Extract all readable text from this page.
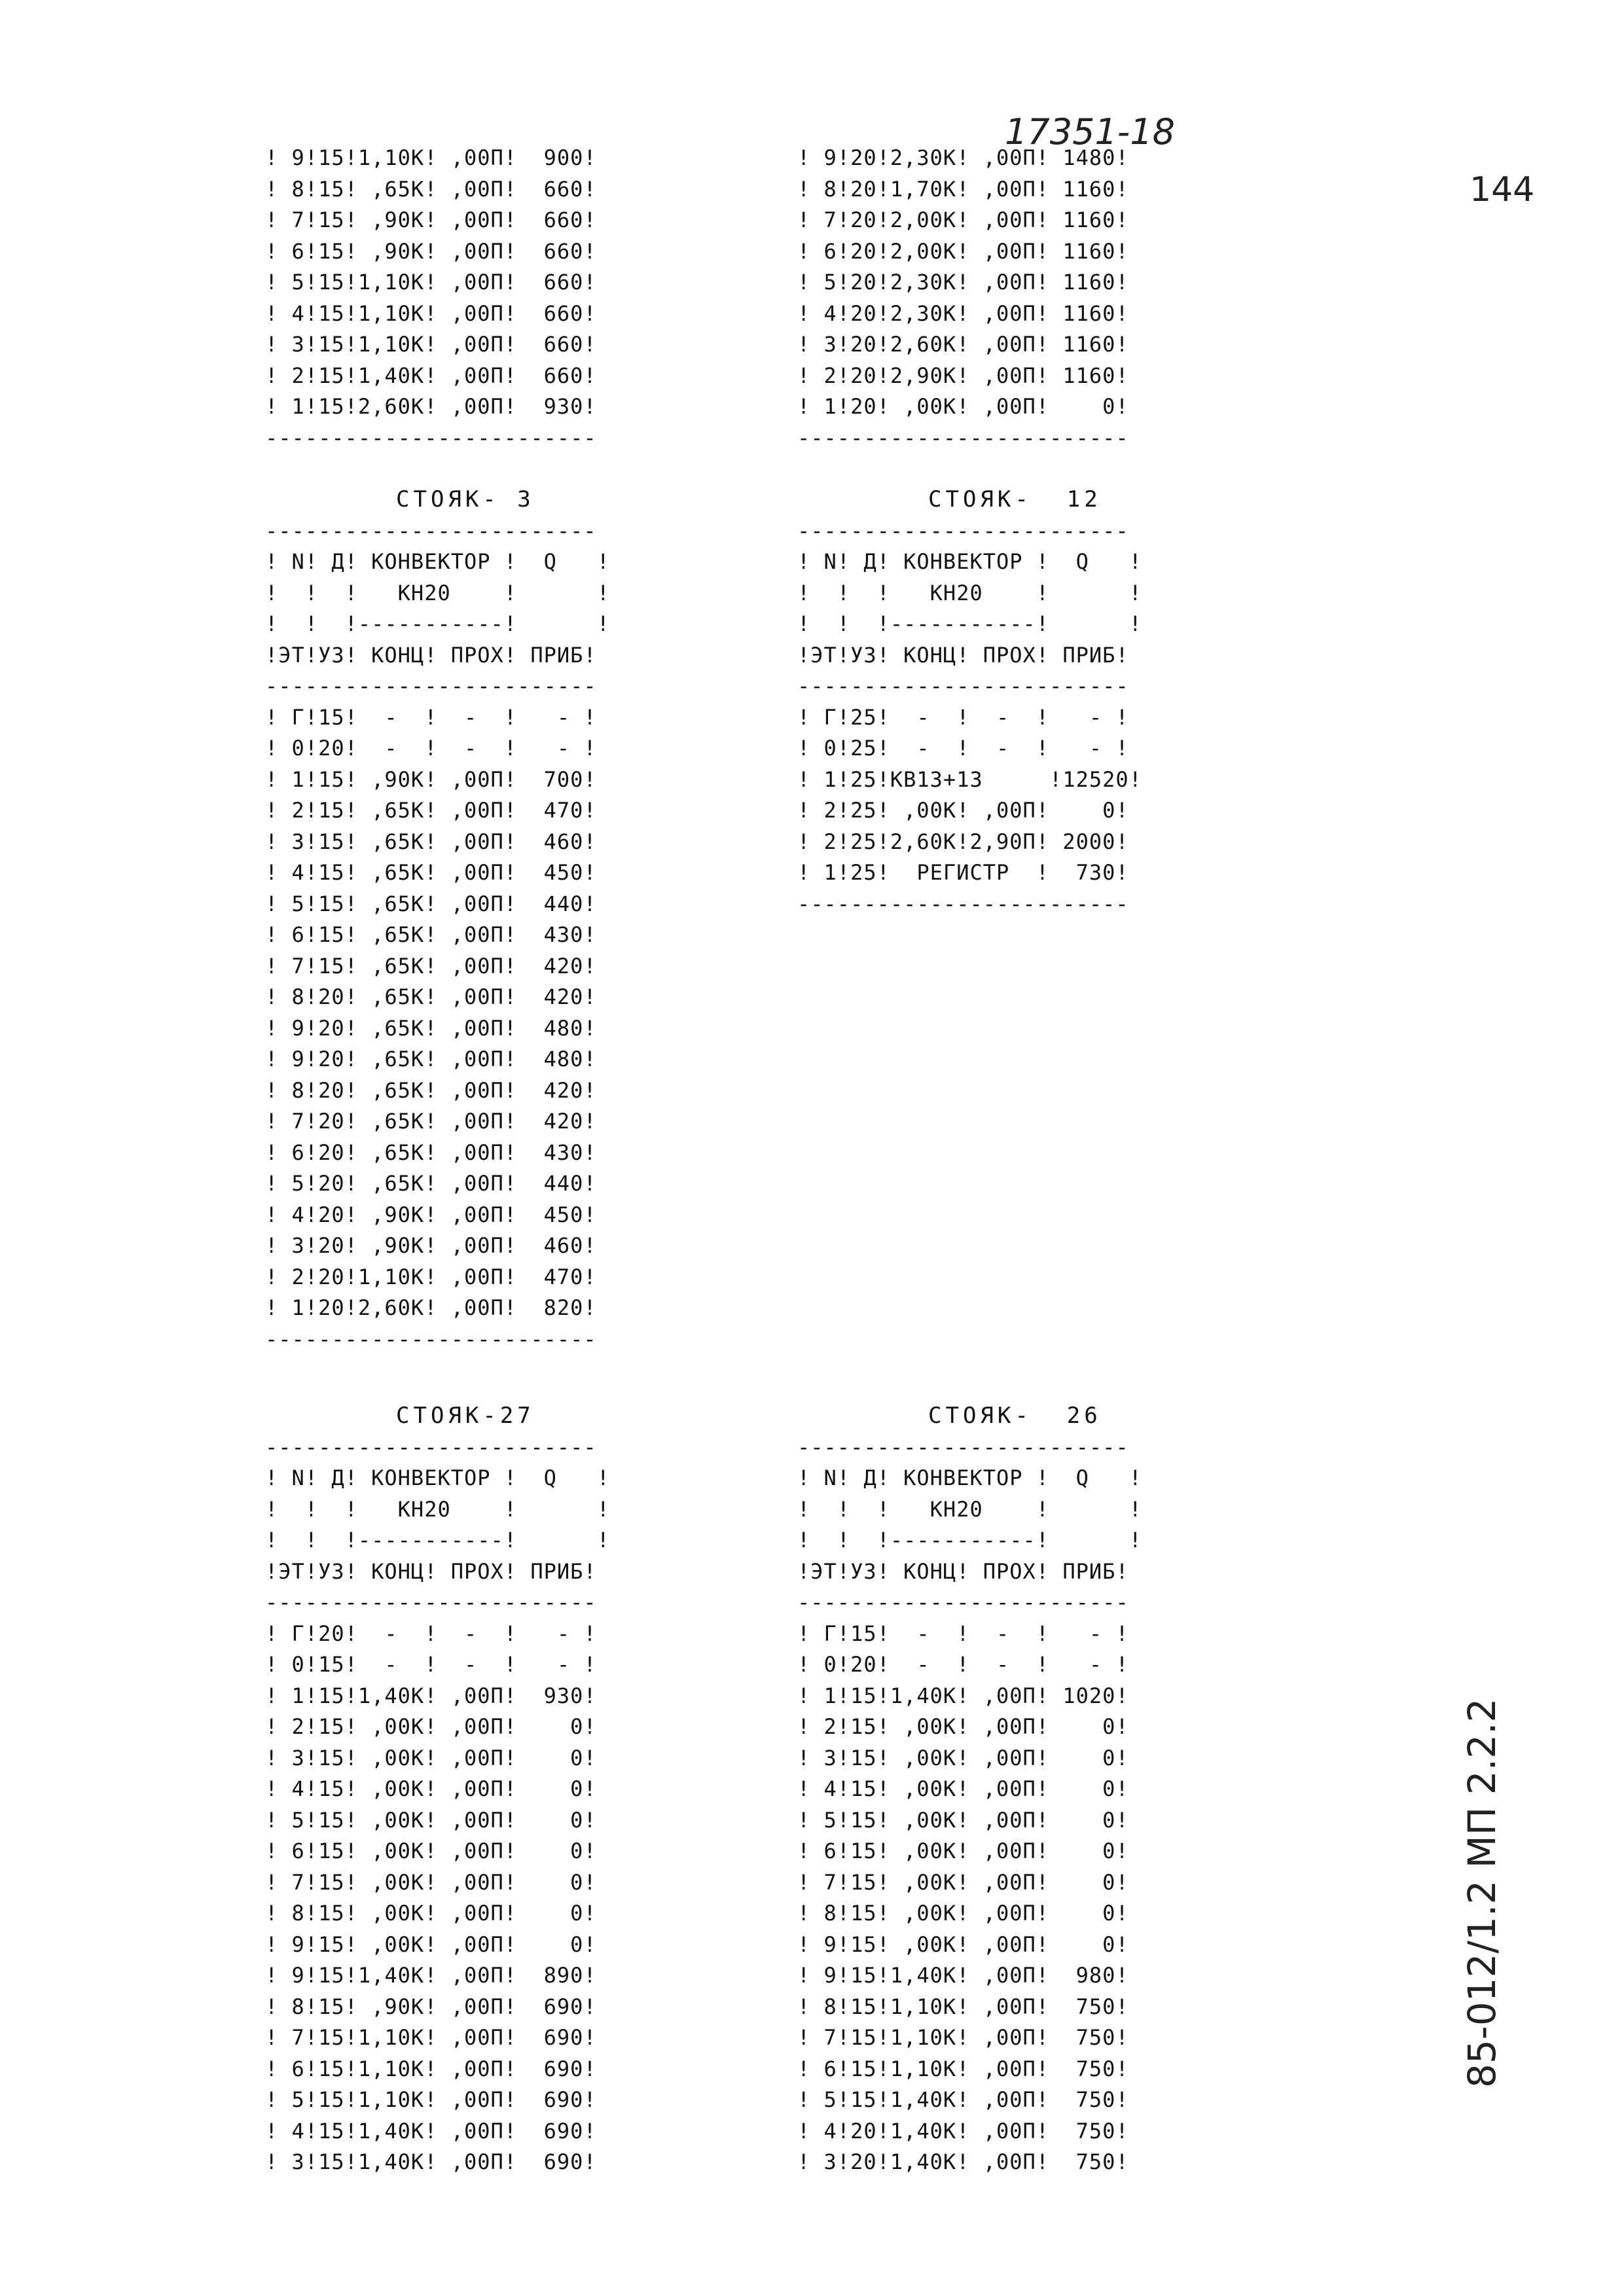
17351-18
144
85-012/1.2 МП 2.2.2
! 9!15!1,10K! ,00П!  900!
! 8!15! ,65K! ,00П!  660!
! 7!15! ,90K! ,00П!  660!
! 6!15! ,90K! ,00П!  660!
! 5!15!1,10K! ,00П!  660!
! 4!15!1,10K! ,00П!  660!
! 3!15!1,10K! ,00П!  660!
! 2!15!1,40K! ,00П!  660!
! 1!15!2,60K! ,00П!  930!
-------------------------
! 9!20!2,30K! ,00П! 1480!
! 8!20!1,70K! ,00П! 1160!
! 7!20!2,00K! ,00П! 1160!
! 6!20!2,00K! ,00П! 1160!
! 5!20!2,30K! ,00П! 1160!
! 4!20!2,30K! ,00П! 1160!
! 3!20!2,60K! ,00П! 1160!
! 2!20!2,90K! ,00П! 1160!
! 1!20! ,00K! ,00П!    0!
-------------------------
СТОЯК- 3
-------------------------
! N! Д! КОНВЕКТОР !  Q   !
!  !  !   КН20    !      !
!  !  !-----------!      !
!ЭТ!УЗ! КОНЦ! ПРОХ! ПРИБ!
-------------------------
! Г!15!  -  !  -  !   - !
! 0!20!  -  !  -  !   - !
! 1!15! ,90K! ,00П!  700!
! 2!15! ,65K! ,00П!  470!
! 3!15! ,65K! ,00П!  460!
! 4!15! ,65K! ,00П!  450!
! 5!15! ,65K! ,00П!  440!
! 6!15! ,65K! ,00П!  430!
! 7!15! ,65K! ,00П!  420!
! 8!20! ,65K! ,00П!  420!
! 9!20! ,65K! ,00П!  480!
! 9!20! ,65K! ,00П!  480!
! 8!20! ,65K! ,00П!  420!
! 7!20! ,65K! ,00П!  420!
! 6!20! ,65K! ,00П!  430!
! 5!20! ,65K! ,00П!  440!
! 4!20! ,90K! ,00П!  450!
! 3!20! ,90K! ,00П!  460!
! 2!20!1,10K! ,00П!  470!
! 1!20!2,60K! ,00П!  820!
-------------------------
СТОЯК-  12
-------------------------
! N! Д! КОНВЕКТОР !  Q   !
!  !  !   КН20    !      !
!  !  !-----------!      !
!ЭТ!УЗ! КОНЦ! ПРОХ! ПРИБ!
-------------------------
! Г!25!  -  !  -  !   - !
! 0!25!  -  !  -  !   - !
! 1!25!КВ13+13     !12520!
! 2!25! ,00K! ,00П!    0!
! 2!25!2,60K!2,90П! 2000!
! 1!25!  РЕГИСТР  !  730!
-------------------------
СТОЯК-27
-------------------------
! N! Д! КОНВЕКТОР !  Q   !
!  !  !   КН20    !      !
!  !  !-----------!      !
!ЭТ!УЗ! КОНЦ! ПРОХ! ПРИБ!
-------------------------
! Г!20!  -  !  -  !   - !
! 0!15!  -  !  -  !   - !
! 1!15!1,40K! ,00П!  930!
! 2!15! ,00K! ,00П!    0!
! 3!15! ,00K! ,00П!    0!
! 4!15! ,00K! ,00П!    0!
! 5!15! ,00K! ,00П!    0!
! 6!15! ,00K! ,00П!    0!
! 7!15! ,00K! ,00П!    0!
! 8!15! ,00K! ,00П!    0!
! 9!15! ,00K! ,00П!    0!
! 9!15!1,40K! ,00П!  890!
! 8!15! ,90K! ,00П!  690!
! 7!15!1,10K! ,00П!  690!
! 6!15!1,10K! ,00П!  690!
! 5!15!1,10K! ,00П!  690!
! 4!15!1,40K! ,00П!  690!
! 3!15!1,40K! ,00П!  690!
СТОЯК-  26
-------------------------
! N! Д! КОНВЕКТОР !  Q   !
!  !  !   КН20    !      !
!  !  !-----------!      !
!ЭТ!УЗ! КОНЦ! ПРОХ! ПРИБ!
-------------------------
! Г!15!  -  !  -  !   - !
! 0!20!  -  !  -  !   - !
! 1!15!1,40K! ,00П! 1020!
! 2!15! ,00K! ,00П!    0!
! 3!15! ,00K! ,00П!    0!
! 4!15! ,00K! ,00П!    0!
! 5!15! ,00K! ,00П!    0!
! 6!15! ,00K! ,00П!    0!
! 7!15! ,00K! ,00П!    0!
! 8!15! ,00K! ,00П!    0!
! 9!15! ,00K! ,00П!    0!
! 9!15!1,40K! ,00П!  980!
! 8!15!1,10K! ,00П!  750!
! 7!15!1,10K! ,00П!  750!
! 6!15!1,10K! ,00П!  750!
! 5!15!1,40K! ,00П!  750!
! 4!20!1,40K! ,00П!  750!
! 3!20!1,40K! ,00П!  750!
